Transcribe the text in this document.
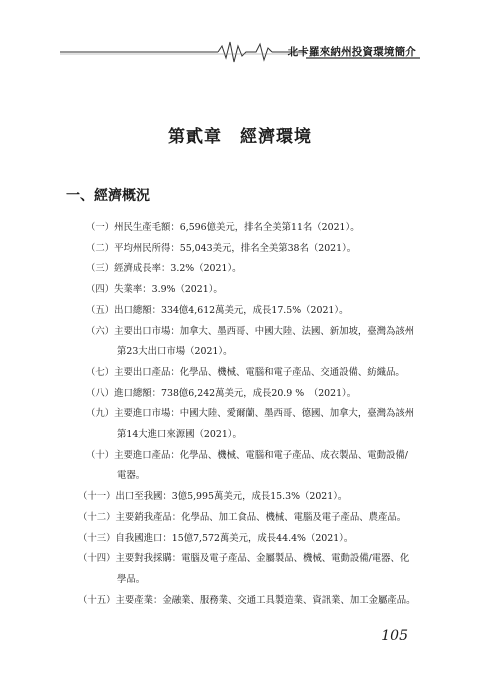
北卡羅來納州投資環境簡介
第貳章　經濟環境
一、經濟概況
（一）州民生產毛額：6,596億美元，排名全美第11名（2021）。
（二）平均州民所得：55,043美元，排名全美第38名（2021）。
（三）經濟成長率：3.2%（2021）。
（四）失業率：3.9%（2021）。
（五）出口總額：334億4,612萬美元，成長17.5%（2021）。
（六）主要出口市場：加拿大、墨西哥、中國大陸、法國、新加坡，臺灣為該州
第23大出口市場（2021）。
（七）主要出口產品：化學品、機械、電腦和電子產品、交通設備、紡織品。
（八）進口總額：738億6,242萬美元，成長20.9 %　（2021）。
（九）主要進口市場：中國大陸、愛爾蘭、墨西哥、德國、加拿大，臺灣為該州
第14大進口來源國（2021）。
（十）主要進口產品：化學品、機械、電腦和電子產品、成衣製品、電動設備/
電器。
（十一）出口至我國：3億5,995萬美元，成長15.3%（2021）。
（十二）主要銷我產品：化學品、加工食品、機械、電腦及電子產品、農產品。
（十三）自我國進口：15億7,572萬美元，成長44.4%（2021）。
（十四）主要對我採購：電腦及電子產品、金屬製品、機械、電動設備/電器、化
學品。
（十五）主要產業：金融業、服務業、交通工具製造業、資訊業、加工金屬產品。
105
